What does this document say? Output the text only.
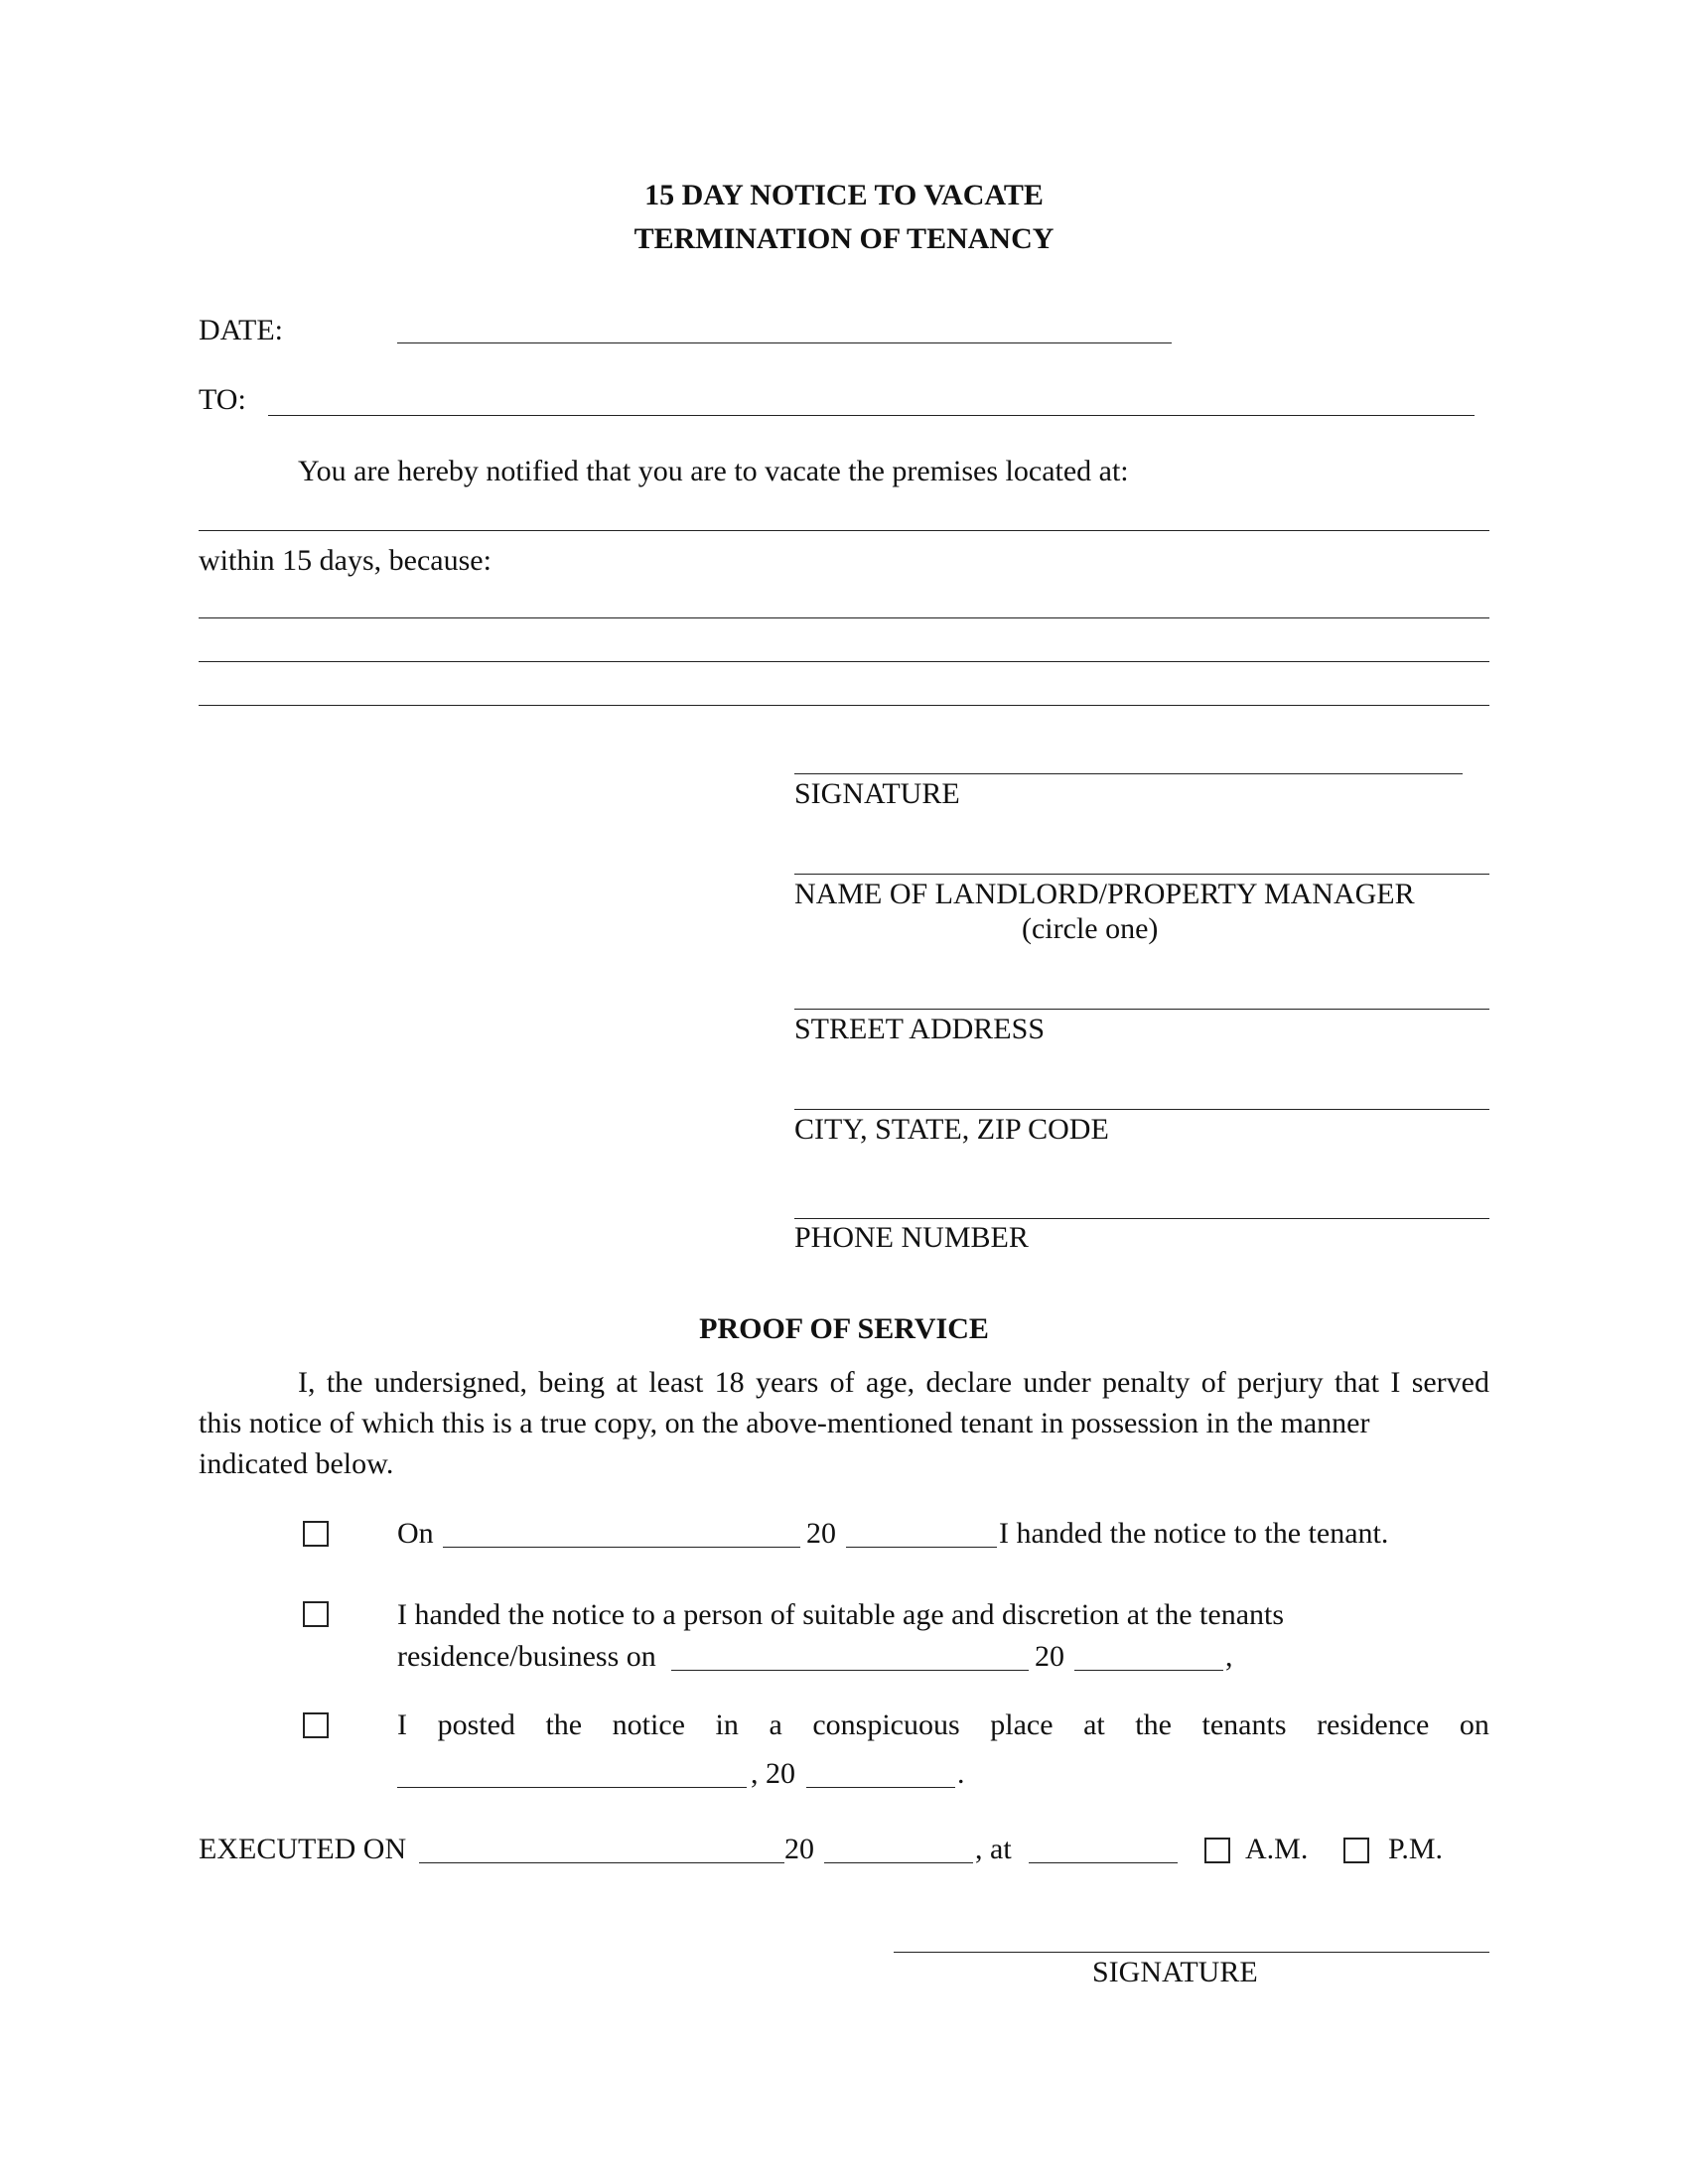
15 DAY NOTICE TO VACATE
TERMINATION OF TENANCY
DATE:
TO:
You are hereby notified that you are to vacate the premises located at:
within 15 days, because:
SIGNATURE
NAME OF LANDLORD/PROPERTY MANAGER
(circle one)
STREET ADDRESS
CITY, STATE, ZIP CODE
PHONE NUMBER
PROOF OF SERVICE
I, the undersigned, being at least 18 years of age, declare under penalty of perjury that I served
this notice of which this is a true copy, on the above-mentioned tenant in possession in the manner
indicated below.
On	20	I handed the notice to the tenant.
I handed the notice to a person of suitable age and discretion at the tenants
residence/business on	20	,
I posted the notice in a conspicuous place at the tenants residence on
, 20	.
EXECUTED ON	20	, at	A.M.	P.M.
SIGNATURE
